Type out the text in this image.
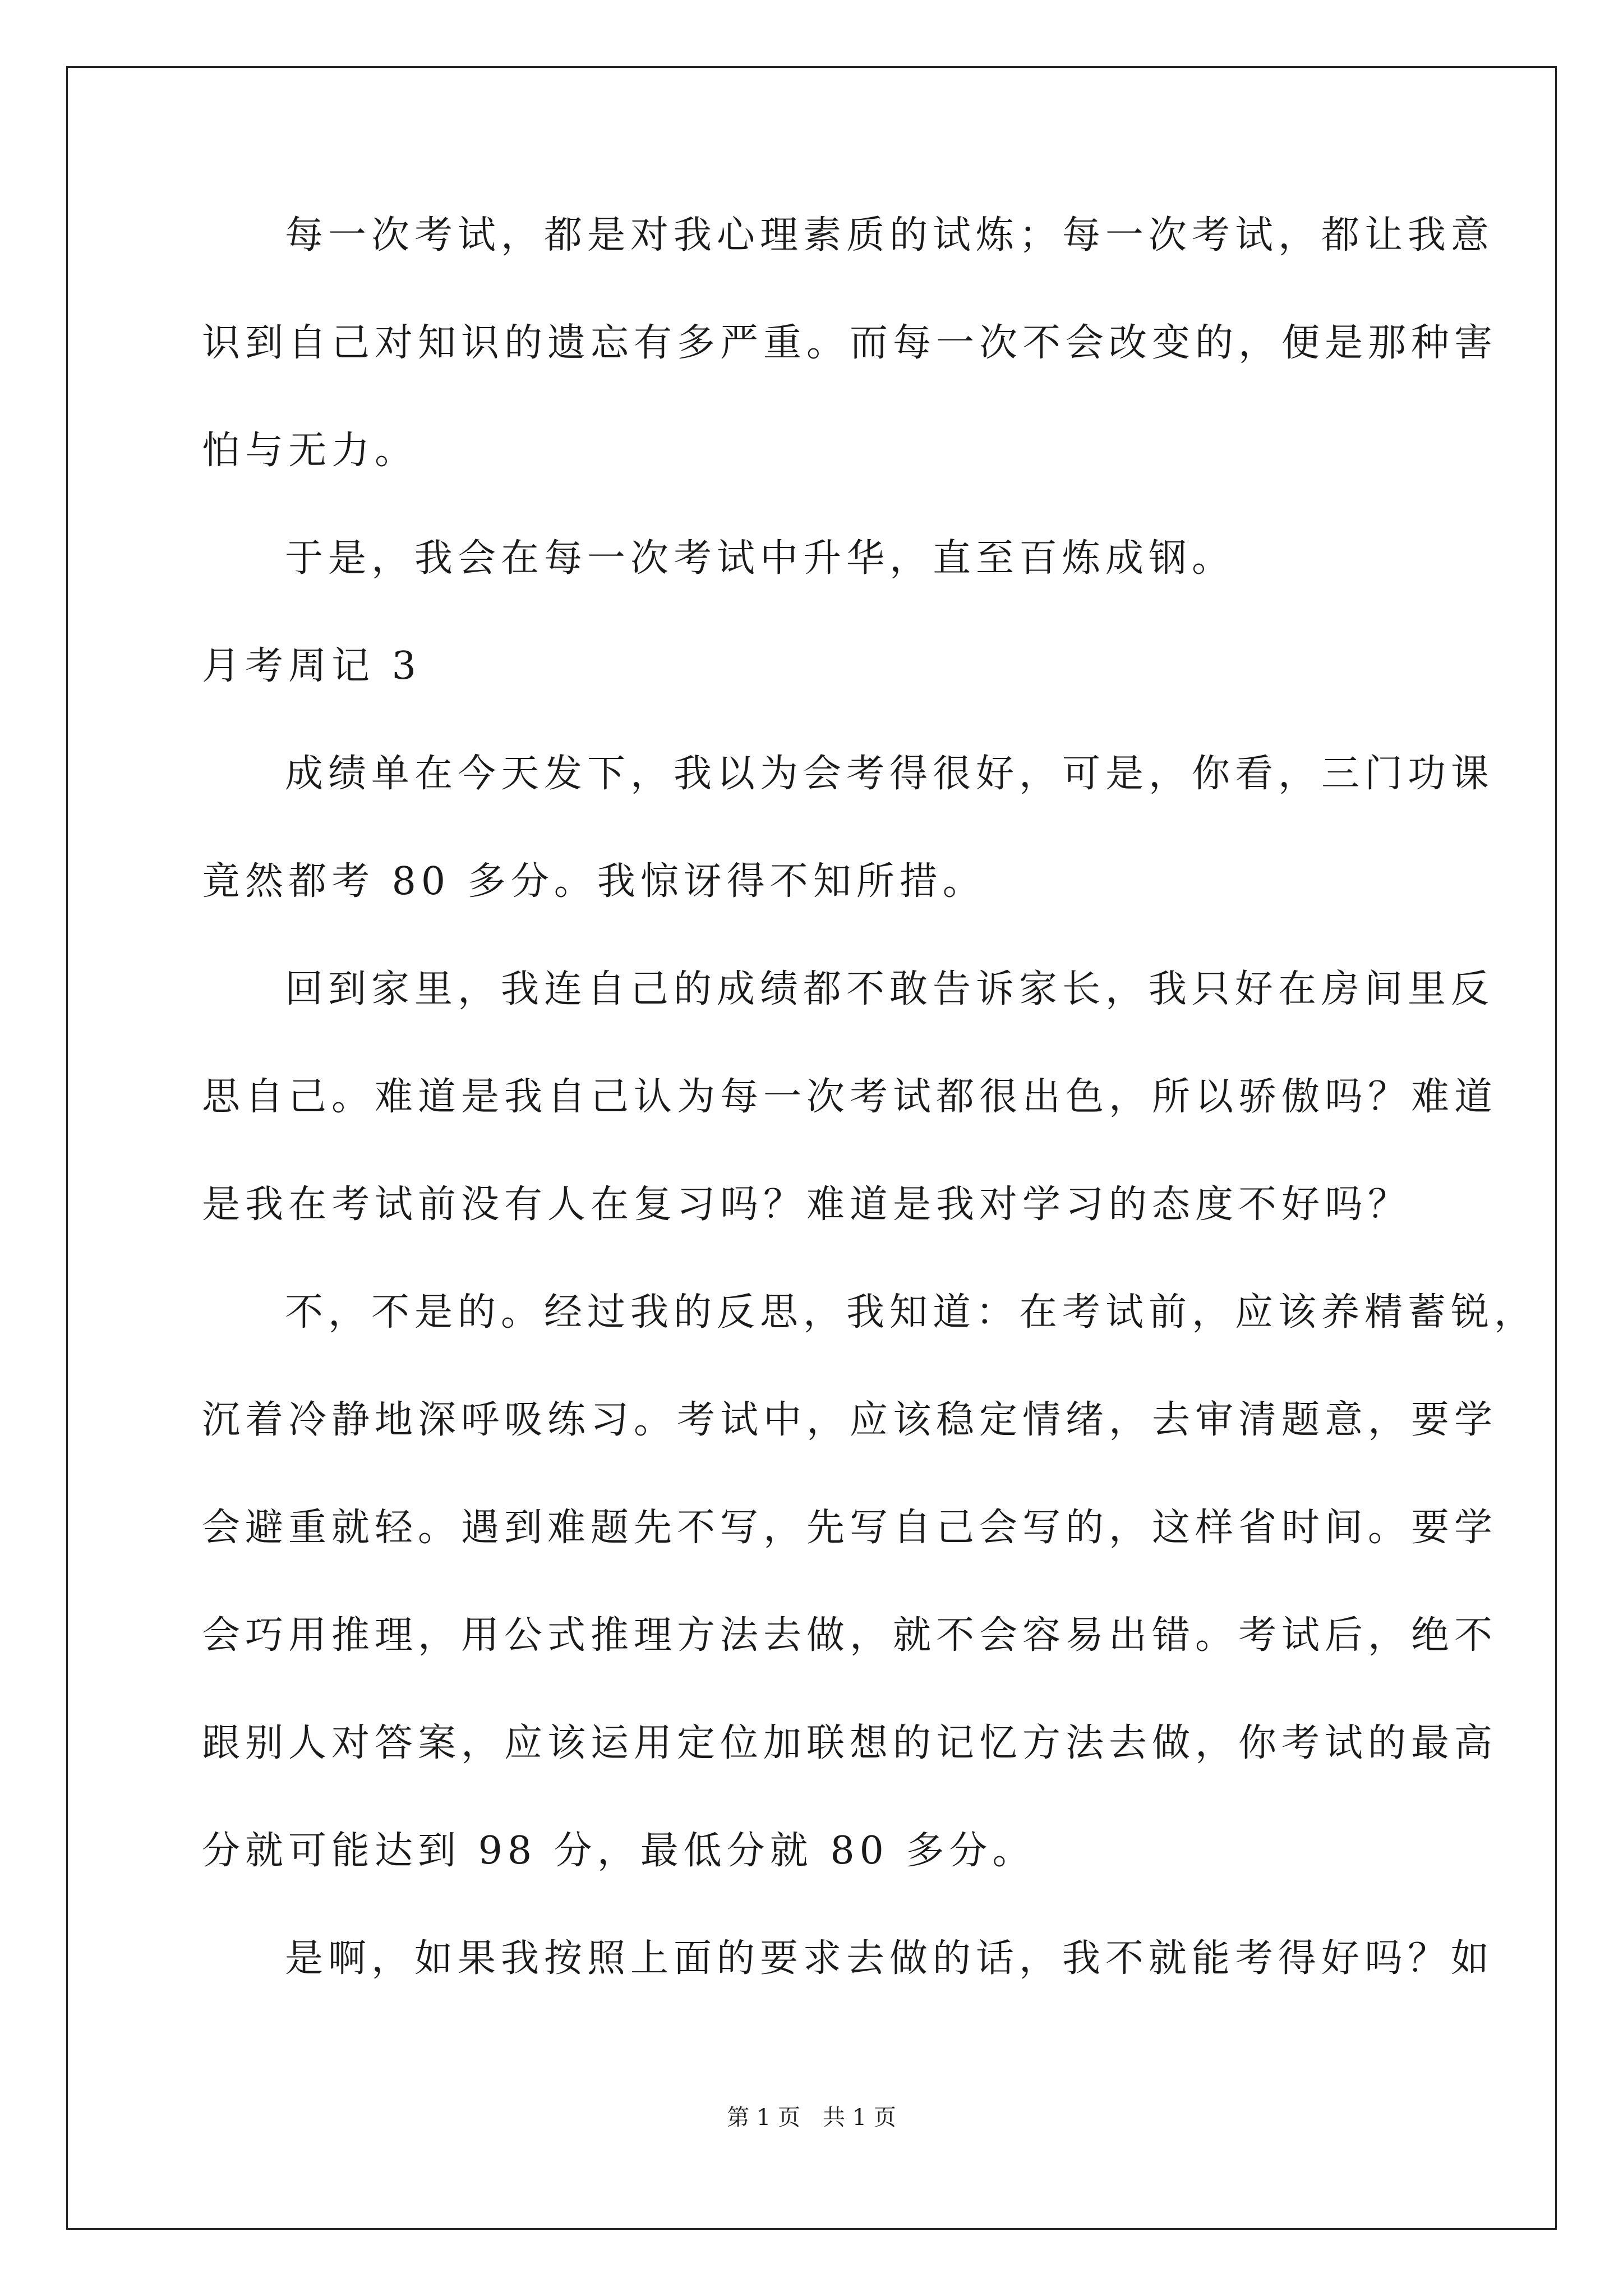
每一次考试，都是对我心理素质的试炼；每一次考试，都让我意
识到自己对知识的遗忘有多严重。而每一次不会改变的，便是那种害
怕与无力。
于是，我会在每一次考试中升华，直至百炼成钢。
月考周记 3
成绩单在今天发下，我以为会考得很好，可是，你看，三门功课
竟然都考 80 多分。我惊讶得不知所措。
回到家里，我连自己的成绩都不敢告诉家长，我只好在房间里反
思自己。难道是我自己认为每一次考试都很出色，所以骄傲吗？难道
是我在考试前没有人在复习吗？难道是我对学习的态度不好吗？
不，不是的。经过我的反思，我知道：在考试前，应该养精蓄锐，
沉着冷静地深呼吸练习。考试中，应该稳定情绪，去审清题意，要学
会避重就轻。遇到难题先不写，先写自己会写的，这样省时间。要学
会巧用推理，用公式推理方法去做，就不会容易出错。考试后，绝不
跟别人对答案，应该运用定位加联想的记忆方法去做，你考试的最高
分就可能达到 98 分，最低分就 80 多分。
是啊，如果我按照上面的要求去做的话，我不就能考得好吗？如
第 1 页　共 1 页
